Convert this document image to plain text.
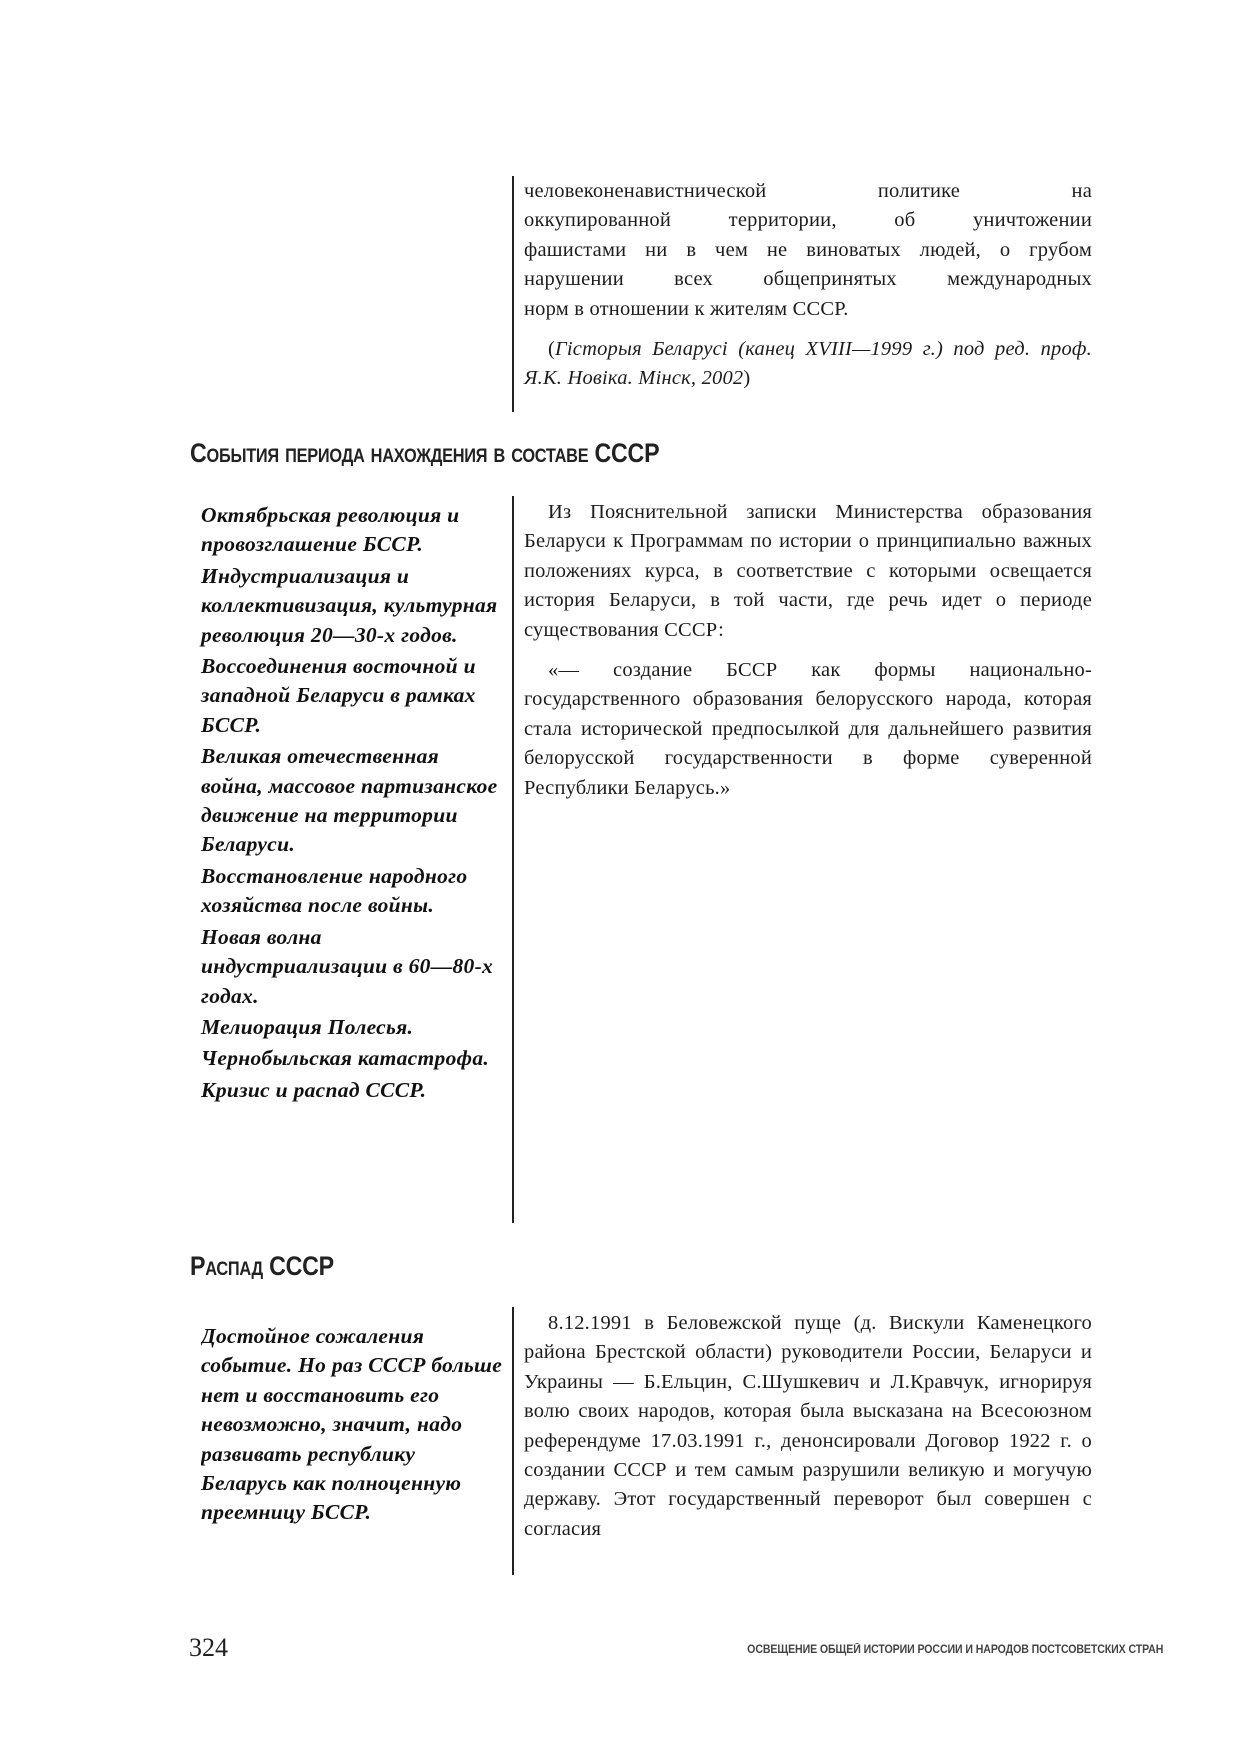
человеконенавистнической политике на

оккупированной территории, об уничтожении

фашистами ни в чем не виноватых людей, о грубом

нарушении всех общепринятых международных

норм в отношении к жителям СССР.

(Гісторыя Беларусі (канец XVIII—1999 г.) под ред. проф. Я.К. Новіка. Мінск, 2002)

События периода нахождения в составе СССР
Октябрьская революция и провозглашение БССР.
Индустриализация и коллективизация, культурная революция 20—30-х годов.
Воссоединения восточной и западной Беларуси в рамках БССР.
Великая отечественная война, массовое партизанское движение на территории Беларуси.
Восстановление народного хозяйства после войны.
Новая волна индустриализации в 60—80-х годах.
Мелиорация Полесья.
Чернобыльская катастрофа.
Кризис и распад СССР.

Из Пояснительной записки Министерства образования Беларуси к Программам по истории о принципиально важных положениях курса, в соответствие с которыми освещается история Беларуси, в той части, где речь идет о периоде существования СССР:

«— создание БССР как формы национально-государственного образования белорусского народа, которая стала исторической предпосылкой для дальнейшего развития белорусской государственности в форме суверенной Республики Беларусь.»

Распад СССР
Достойное сожаления событие. Но раз СССР больше нет и восстановить его невозможно, значит, надо развивать республику Беларусь как полноценную преемницу БССР.

8.12.1991 в Беловежской пуще (д. Вискули Каменецкого района Брестской области) руководители России, Беларуси и Украины — Б.Ельцин, С.Шушкевич и Л.Кравчук, игнорируя волю своих народов, которая была высказана на Всесоюзном референдуме 17.03.1991 г., денонсировали Договор 1922 г. о создании СССР и тем самым разрушили великую и могучую державу. Этот государственный переворот был совершен с согласия

324	ОСВЕЩЕНИЕ ОБЩЕЙ ИСТОРИИ РОССИИ И НАРОДОВ ПОСТСОВЕТСКИХ СТРАН
